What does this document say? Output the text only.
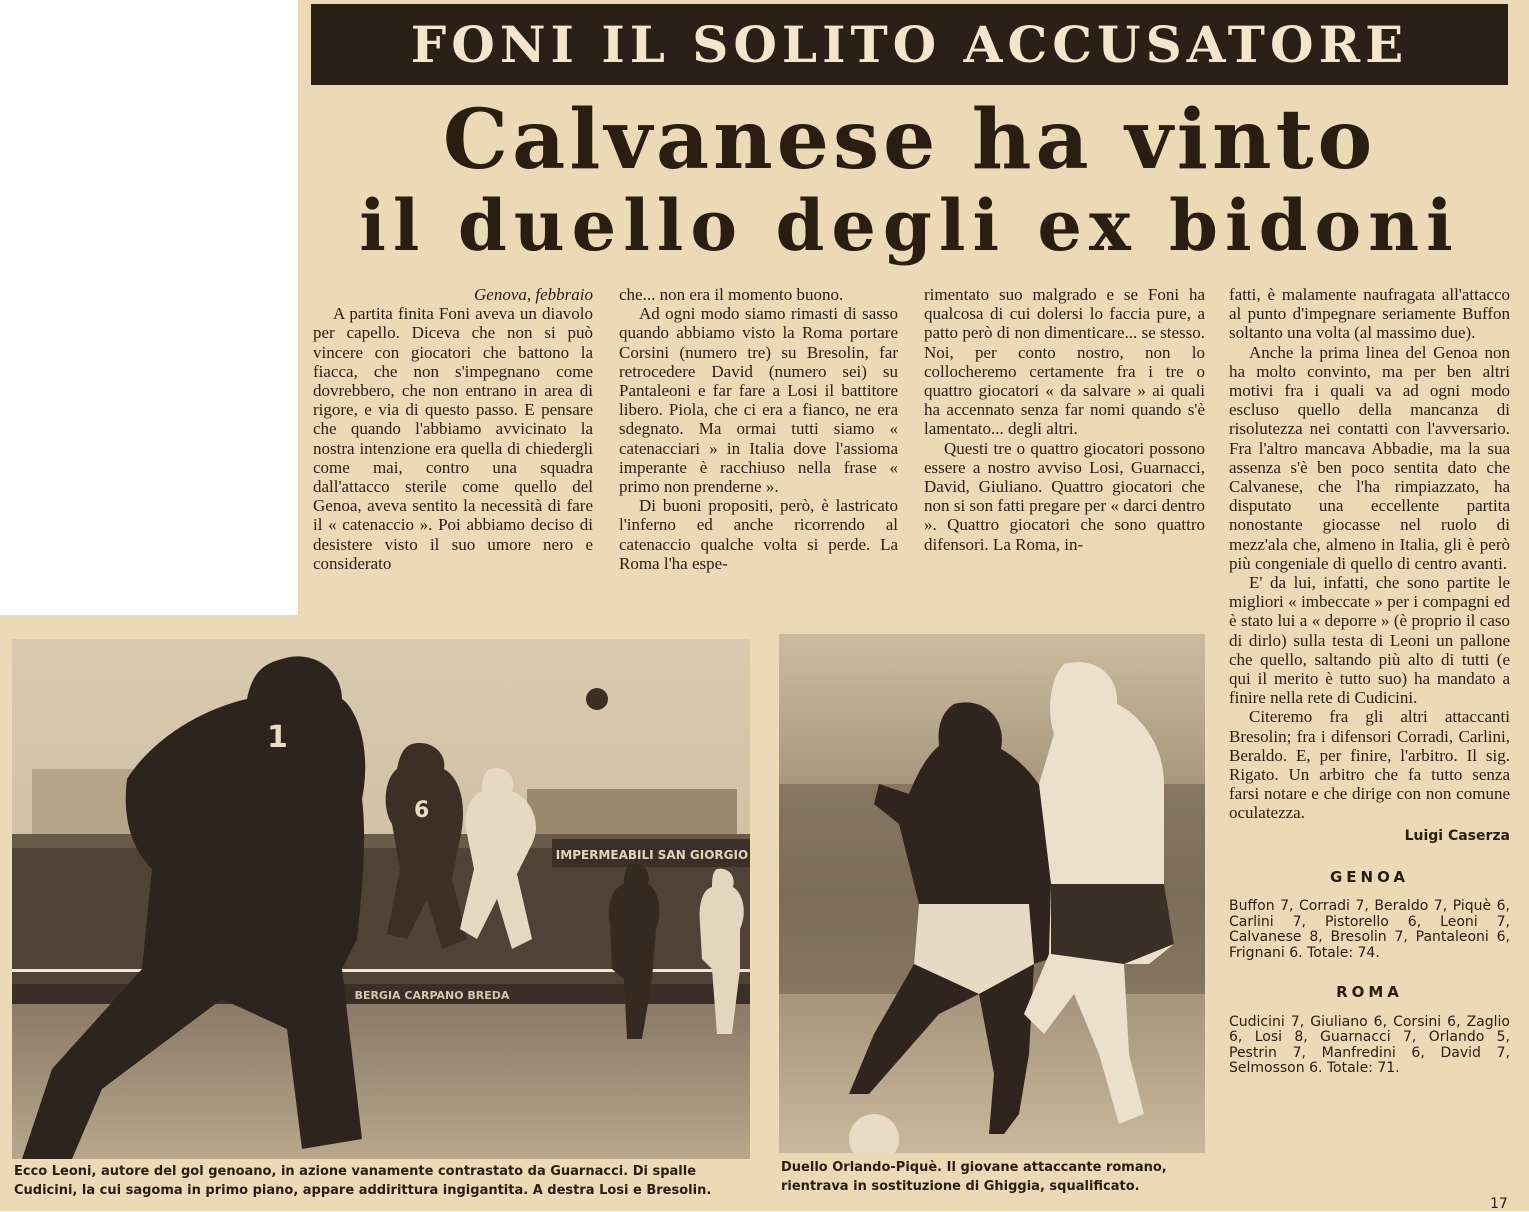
FONI IL SOLITO ACCUSATORE
Calvanese ha vinto
il duello degli ex bidoni

Genova, febbraio

A partita finita Foni aveva un diavolo per capello. Diceva che non si può vincere con giocatori che battono la fiacca, che non s'impegnano come dovrebbero, che non entrano in area di rigore, e via di questo passo. E pensare che quando l'abbiamo avvicinato la nostra intenzione era quella di chiedergli come mai, contro una squadra dall'attacco sterile come quello del Genoa, aveva sentito la necessità di fare il « catenaccio ». Poi abbiamo deciso di desistere visto il suo umore nero e considerato

che... non era il momento buono.

Ad ogni modo siamo rimasti di sasso quando abbiamo visto la Roma portare Corsini (numero tre) su Bresolin, far retrocedere David (numero sei) su Pantaleoni e far fare a Losi il battitore libero. Piola, che ci era a fianco, ne era sdegnato. Ma ormai tutti siamo « catenacciari » in Italia dove l'assioma imperante è racchiuso nella frase « primo non prenderne ».

Di buoni propositi, però, è lastricato l'inferno ed anche ricorrendo al catenaccio qualche volta si perde. La Roma l'ha espe-

rimentato suo malgrado e se Foni ha qualcosa di cui dolersi lo faccia pure, a patto però di non dimenticare... se stesso. Noi, per conto nostro, non lo collocheremo certamente fra i tre o quattro giocatori « da salvare » ai quali ha accennato senza far nomi quando s'è lamentato... degli altri.

Questi tre o quattro giocatori possono essere a nostro avviso Losi, Guarnacci, David, Giuliano. Quattro giocatori che non si son fatti pregare per « darci dentro ». Quattro giocatori che sono quattro difensori. La Roma, in-

fatti, è malamente naufragata all'attacco al punto d'impegnare seriamente Buffon soltanto una volta (al massimo due).

Anche la prima linea del Genoa non ha molto convinto, ma per ben altri motivi fra i quali va ad ogni modo escluso quello della mancanza di risolutezza nei contatti con l'avversario. Fra l'altro mancava Abbadie, ma la sua assenza s'è ben poco sentita dato che Calvanese, che l'ha rimpiazzato, ha disputato una eccellente partita nonostante giocasse nel ruolo di mezz'ala che, almeno in Italia, gli è però più congeniale di quello di centro avanti.

E' da lui, infatti, che sono partite le migliori « imbeccate » per i compagni ed è stato lui a « deporre » (è proprio il caso di dirlo) sulla testa di Leoni un pallone che quello, saltando più alto di tutti (e qui il merito è tutto suo) ha mandato a finire nella rete di Cudicini.

Citeremo fra gli altri attaccanti Bresolin; fra i difensori Corradi, Carlini, Beraldo. E, per finire, l'arbitro. Il sig. Rigato. Un arbitro che fa tutto senza farsi notare e che dirige con non comune oculatezza.

Luigi Caserza

GENOA

Buffon 7, Corradi 7, Beraldo 7, Piquè 6, Carlini 7, Pistorello 6, Leoni 7, Calvanese 8, Bresolin 7, Pantaleoni 6, Frignani 6. Totale: 74.

ROMA

Cudicini 7, Giuliano 6, Corsini 6, Zaglio 6, Losi 8, Guarnacci 7, Orlando 5, Pestrin 7, Manfredini 6, David 7, Selmosson 6. Totale: 71.

IMPERMEABILI SAN GIORGIO
BERGIA CARPANO BREDA
1
6
Ecco Leoni, autore del gol genoano, in azione vanamente contrastato da Guarnacci. Di spalle Cudicini, la cui sagoma in primo piano, appare addirittura ingigantita. A destra Losi e Bresolin.
Duello Orlando-Piquè. Il giovane attaccante romano, rientrava in sostituzione di Ghiggia, squalificato.
17
